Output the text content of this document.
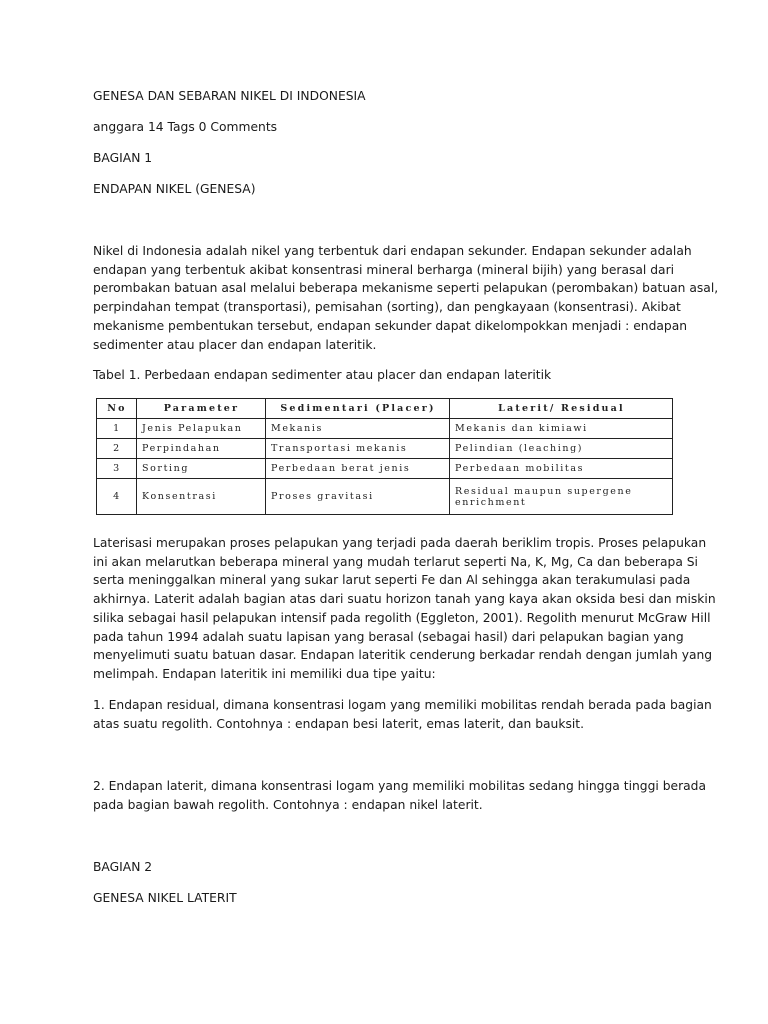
GENESA DAN SEBARAN NIKEL DI INDONESIA
anggara 14 Tags 0 Comments
BAGIAN 1
ENDAPAN NIKEL (GENESA)
Nikel di Indonesia adalah nikel yang terbentuk dari endapan sekunder. Endapan sekunder adalah
endapan yang terbentuk akibat konsentrasi mineral berharga (mineral bijih) yang berasal dari
perombakan batuan asal melalui beberapa mekanisme seperti pelapukan (perombakan) batuan asal,
perpindahan tempat (transportasi), pemisahan (sorting), dan pengkayaan (konsentrasi). Akibat
mekanisme pembentukan tersebut, endapan sekunder dapat dikelompokkan menjadi : endapan
sedimenter atau placer dan endapan lateritik.
Tabel 1. Perbedaan endapan sedimenter atau placer dan endapan lateritik
No	Parameter	Sedimentari (Placer)	Laterit/ Residual
1	Jenis Pelapukan	Mekanis	Mekanis dan kimiawi
2	Perpindahan	Transportasi mekanis	Pelindian (leaching)
3	Sorting	Perbedaan berat jenis	Perbedaan mobilitas
4	Konsentrasi	Proses gravitasi	Residual maupun supergene enrichment
Laterisasi merupakan proses pelapukan yang terjadi pada daerah beriklim tropis. Proses pelapukan
ini akan melarutkan beberapa mineral yang mudah terlarut seperti Na, K, Mg, Ca dan beberapa Si
serta meninggalkan mineral yang sukar larut seperti Fe dan Al sehingga akan terakumulasi pada
akhirnya. Laterit adalah bagian atas dari suatu horizon tanah yang kaya akan oksida besi dan miskin
silika sebagai hasil pelapukan intensif pada regolith (Eggleton, 2001). Regolith menurut McGraw Hill
pada tahun 1994 adalah suatu lapisan yang berasal (sebagai hasil) dari pelapukan bagian yang
menyelimuti suatu batuan dasar. Endapan lateritik cenderung berkadar rendah dengan jumlah yang
melimpah. Endapan lateritik ini memiliki dua tipe yaitu:
1. Endapan residual, dimana konsentrasi logam yang memiliki mobilitas rendah berada pada bagian
atas suatu regolith. Contohnya : endapan besi laterit, emas laterit, dan bauksit.
2. Endapan laterit, dimana konsentrasi logam yang memiliki mobilitas sedang hingga tinggi berada
pada bagian bawah regolith. Contohnya : endapan nikel laterit.
BAGIAN 2
GENESA NIKEL LATERIT
